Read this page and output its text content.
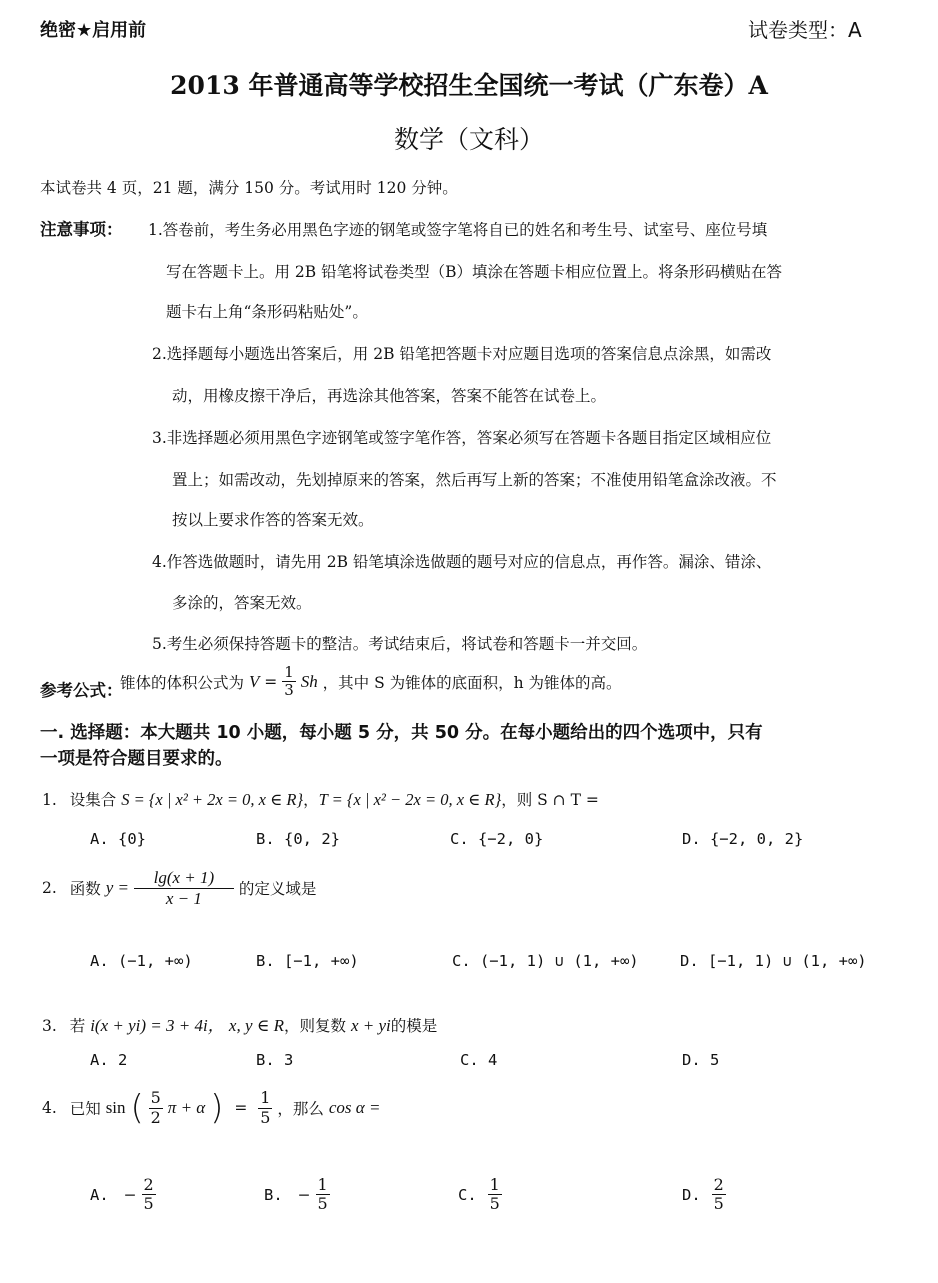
绝密★启用前	试卷类型：A
2013 年普通高等学校招生全国统一考试（广东卷）A
数学（文科）
本试卷共 4 页，21 题，满分 150 分。考试用时 120 分钟。
注意事项： 1.答卷前，考生务必用黑色字迹的钢笔或签字笔将自已的姓名和考生号、试室号、座位号填
写在答题卡上。用 2B 铅笔将试卷类型（B）填涂在答题卡相应位置上。将条形码横贴在答
题卡右上角“条形码粘贴处”。
2.选择题每小题选出答案后，用 2B 铅笔把答题卡对应题目选项的答案信息点涂黑，如需改
动，用橡皮擦干净后，再选涂其他答案，答案不能答在试卷上。
3.非选择题必须用黑色字迹钢笔或签字笔作答，答案必须写在答题卡各题目指定区域相应位
置上；如需改动，先划掉原来的答案，然后再写上新的答案；不准使用铅笔盒涂改液。不
按以上要求作答的答案无效。
4.作答选做题时，请先用 2B 铅笔填涂选做题的题号对应的信息点，再作答。漏涂、错涂、
多涂的，答案无效。
5.考生必须保持答题卡的整洁。考试结束后，将试卷和答题卡一并交回。
参考公式：
锥体的体积公式为 $V = \frac{1}{3}$ Sh ，其中 S 为锥体的底面积，h 为锥体的高。
一. 选择题：本大题共 10 小题，每小题 5 分，共 50 分。在每小题给出的四个选项中，只有
一项是符合题目要求的。
1. 设集合 S = {x | x² + 2x = 0, x ∈ R}，T = {x | x² − 2x = 0, x ∈ R}，则 S ∩ T =
A. {0}	B. {0, 2}	C. {−2, 0}	D. {−2, 0, 2}
2. 函数 $y = \frac{\lg(x + 1)}{x - 1}$ 的定义域是
A. (−1, +∞)	B. [−1, +∞)	C. (−1, 1) ∪ (1, +∞)	D. [−1, 1) ∪ (1, +∞)
3. 若 i(x + yi) = 3 + 4i， x, y ∈ R，则复数 x + yi的模是
A. 2	B. 3	C. 4	D. 5
4. 已知 sin ( $\frac{5}{2}$ π + α ) = $\frac{1}{5}$ ，那么 cos α =
A. − $\frac{2}{5}$	B. − $\frac{1}{5}$	C. $\frac{1}{5}$	D. $\frac{2}{5}$
